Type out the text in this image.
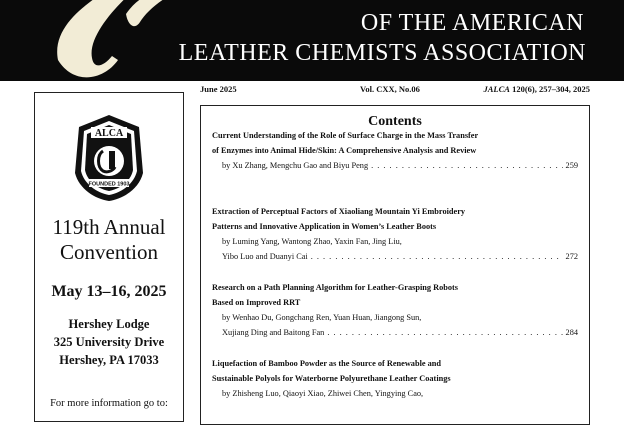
OF THE AMERICAN
LEATHER CHEMISTS ASSOCIATION
ALCA
FOUNDED 1903
119th Annual
Convention
May 13–16, 2025
Hershey Lodge
325 University Drive
Hershey, PA 17033
For more information go to:
June 2025	Vol. CXX, No.06	JALCA 120(6), 257–304, 2025
Contents
Current Understanding of the Role of Surface Charge in the Mass Transfer
of Enzymes into Animal Hide/Skin: A Comprehensive Analysis and Review
by Xu Zhang, Mengchu Gao and Biyu Peng . . .	259
Extraction of Perceptual Factors of Xiaoliang Mountain Yi Embroidery
Patterns and Innovative Application in Women’s Leather Boots
by Luming Yang, Wantong Zhao, Yaxin Fan, Jing Liu,
Yibo Luo and Duanyi Cai . . .	272
Research on a Path Planning Algorithm for Leather-Grasping Robots
Based on Improved RRT
by Wenhao Du, Gongchang Ren, Yuan Huan, Jiangong Sun,
Xujiang Ding and Baitong Fan . . .	284
Liquefaction of Bamboo Powder as the Source of Renewable and
Sustainable Polyols for Waterborne Polyurethane Leather Coatings
by Zhisheng Luo, Qiaoyi Xiao, Zhiwei Chen, Yingying Cao,
